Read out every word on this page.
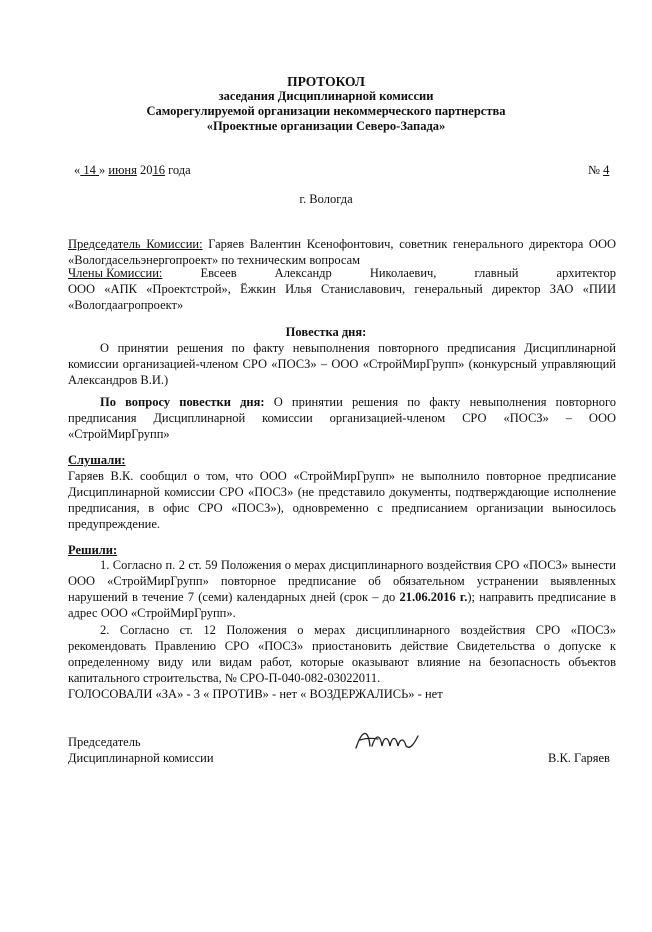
ПРОТОКОЛ
заседания Дисциплинарной комиссии
Саморегулируемой организации некоммерческого партнерства
«Проектные организации Северо-Запада»
« 14 » июня 2016 года	№ 4
г. Вологда
Председатель Комиссии: Гаряев Валентин Ксенофонтович, советник генерального директора ООО «Вологдасельэнергопроект» по техническим вопросам
Члены Комиссии:	Евсеев	Александр	Николаевич,	главный	архитектор
ООО «АПК «Проектстрой», Ёжкин Илья Станиславович, генеральный директор ЗАО «ПИИ «Вологдаагропроект»
Повестка дня:
О принятии решения по факту невыполнения повторного предписания Дисциплинарной комиссии организацией-членом СРО «ПОСЗ» – ООО «СтройМирГрупп» (конкурсный управляющий Александров В.И.)
По вопросу повестки дня: О принятии решения по факту невыполнения повторного предписания Дисциплинарной комиссии организацией-членом СРО «ПОСЗ» – ООО «СтройМирГрупп»
Слушали:
Гаряев В.К. сообщил о том, что ООО «СтройМирГрупп» не выполнило повторное предписание Дисциплинарной комиссии СРО «ПОСЗ» (не представило документы, подтверждающие исполнение предписания, в офис СРО «ПОСЗ»), одновременно с предписанием организации выносилось предупреждение.
Решили:
1. Согласно п. 2 ст. 59 Положения о мерах дисциплинарного воздействия СРО «ПОСЗ» вынести ООО «СтройМирГрупп» повторное предписание об обязательном устранении выявленных нарушений в течение 7 (семи) календарных дней (срок – до 21.06.2016 г.); направить предписание в адрес ООО «СтройМирГрупп».
2. Согласно ст. 12 Положения о мерах дисциплинарного воздействия СРО «ПОСЗ» рекомендовать Правлению СРО «ПОСЗ» приостановить действие Свидетельства о допуске к определенному виду или видам работ, которые оказывают влияние на безопасность объектов капитального строительства, № СРО-П-040-082-03022011.
ГОЛОСОВАЛИ «ЗА» - 3 « ПРОТИВ» - нет « ВОЗДЕРЖАЛИСЬ» - нет
Председатель
Дисциплинарной комиссии	В.К. Гаряев
